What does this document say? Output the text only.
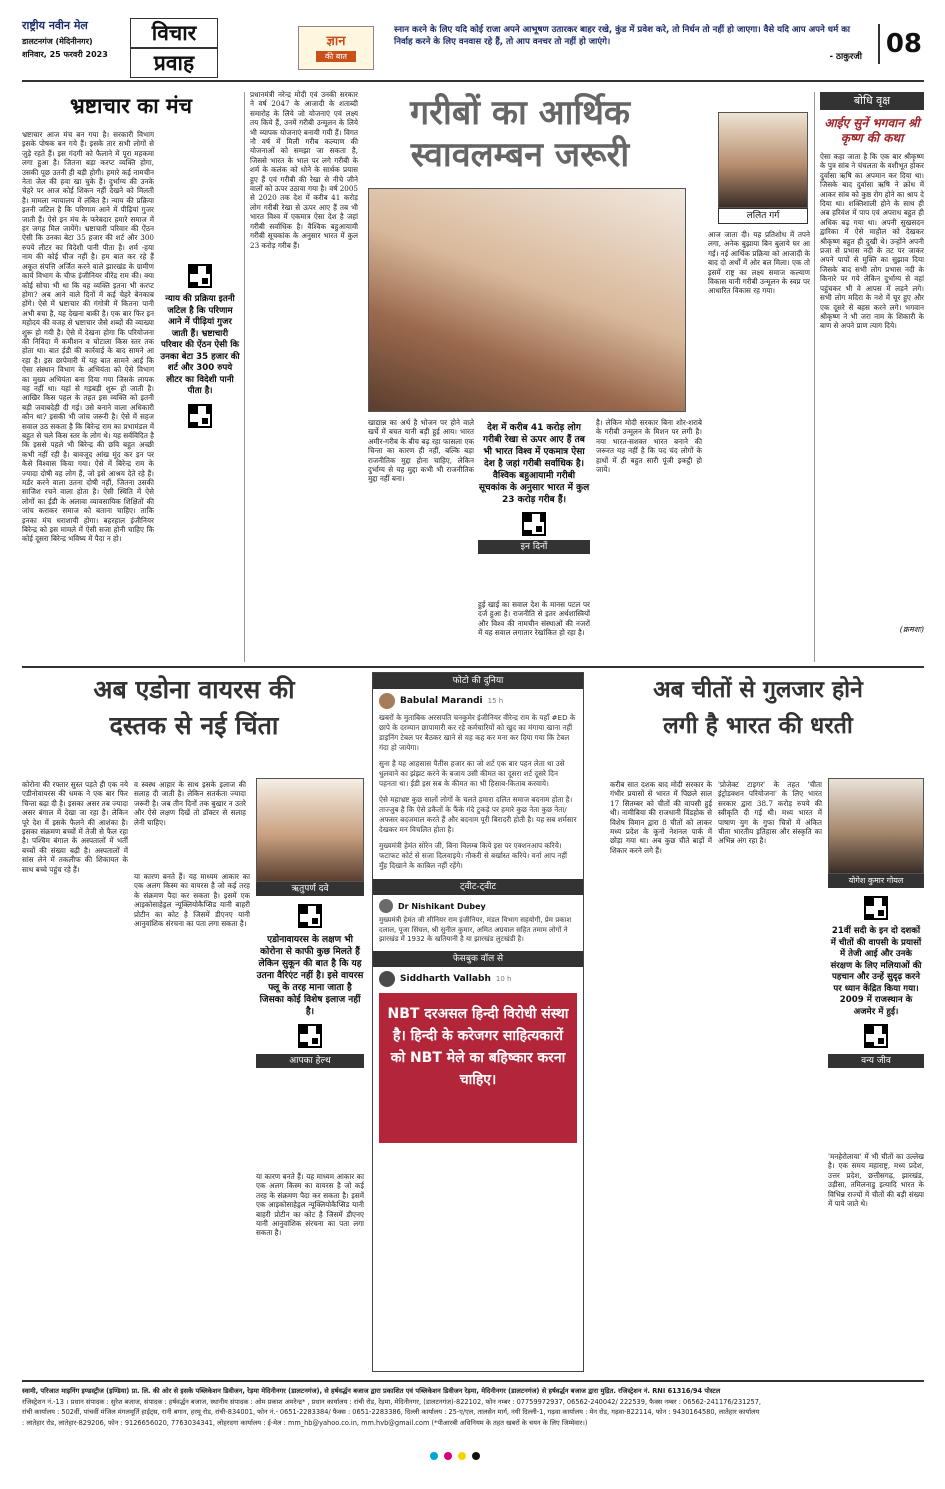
राष्ट्रीय नवीन मेल
डालटनगंज (मेदिनीनगर)
शनिवार, 25 फरवरी 2023
विचार
प्रवाह
ज्ञान
की बात
स्नान करने के लिए यदि कोई राजा अपने आभूषण उतारकर बाहर रखे, कुंड में प्रवेश करे, तो निर्धन तो नहीं हो जाएगा। वैसे यदि आप अपने धर्म का निर्वाह करने के लिए वनवास रहे हैं, तो आप वनचर तो नहीं हो जाएंगे।
- ठाकुरजी 08
भ्रष्टाचार का मंच
भ्रष्टाचार आज मंच बन गया है। सरकारी विभाग इसके पोषक बन गये हैं। इसके तार सभी लोगों से जुड़े रहते हैं। इस गंदगी को फैलाने में पूरा महकमा लगा हुआ है। जितना बड़ा करप्ट व्यक्ति होगा, उसकी पूछ उतनी ही बड़ी होगी। हमारे कई नामचीन नेता जेल की हवा खा चुके हैं। दुर्भाग्य की उनके चेहरे पर आज कोई शिकन नहीं देखने को मिलती है। मामला न्यायालय में लंबित है। न्याय की प्रक्रिया इतनी जटिल है कि परिणाम आने में पीढ़ियां गुजर जाती हैं। ऐसे इन मंच के फरेबदार हमारे समाज में हर जगह मिल जायेंगे। भ्रष्टाचारी परिवार की ऐंठन ऐसी कि उनका बेटा 35 हजार की शर्ट और 300 रुपये लीटर का विदेशी पानी पीता है। शर्म -हया नाम की कोई चीज नहीं है। हम बात कर रहे हैं अकूत संपत्ति अर्जित करने वाले झारखंड के ग्रामीण कार्य विभाग के चीफ इंजीनियर वीरेंद्र राम की। क्या कोई सोचा भी था कि वह व्यक्ति इतना भी करप्ट होगा? अब आने वाले दिनों में कई चेहरे बेनकाब होंगे। ऐसे में भ्रष्टाचार की गंगोत्री में कितना पानी अभी बचा है, यह देखना बाकी है। एक बार फिर इन महोदय की वजह से भ्रष्टाचार जैसे शब्दों की व्याख्या शुरू हो गयी है। ऐसे में देखना होगा कि परियोजना की निविदा में कमीशन व घोटाला किस स्तर तक होता था। बात ईडी की कार्रवाई के बाद सामने आ रहा है। इस छापेमारी में यह बात सामने आई कि ऐसा संस्थान विभाग के अभियंता को ऐसे विभाग का मुख्य अभियंता बना दिया गया जिसके लायक वह नहीं था। यहां से गड़बड़ी शुरू हो जाती है। आखिर किस पहल के तहत इस व्यक्ति को इतनी बड़ी जवाबदेही दी गई। उसे बनाने वाला अधिकारी कौन था? इसकी भी जांच जरूरी है। ऐसे में सहज सवाल उठ सकता है कि बिरेन्द्र राम का प्रभामंडल में बहुत से चले किस स्तर के लोग थे। यह सर्वविदित है कि इससे पहले भी बिरेन्द्र की छवि बहुत अच्छी कभी नहीं रही है। बावजूद आंख मूंद कर इन पर कैसे विश्वास किया गया। ऐसे में बिरेन्द्र राम के ज्यादा दोषी वह लोग हैं, जो इसे आश्रय देते रहे हैं। मर्डर करने वाला उतना दोषी नहीं, जितना उसकी साजिश रचने वाला होता है। ऐसी स्थिति में ऐसे लोगों का ईडी के अलावा व्यावसायिक शिक्षितों की जांच कराकर समाज को बताना चाहिए। ताकि इनका मंच धराशायी होगा। बहरहाल इंजीनियर बिरेन्द्र को इस मामले में ऐसी सजा होनी चाहिए कि कोई दूसरा बिरेन्द्र भविष्य में पैदा न हो।
न्याय की प्रक्रिया इतनी जटिल है कि परिणाम आने में पीढ़ियां गुजर जाती हैं। भ्रष्टाचारी परिवार की ऐंठन ऐसी कि उनका बेटा 35 हजार की शर्ट और 300 रुपये लीटर का विदेशी पानी पीता है।
प्रधानमंत्री नरेन्द्र मोदी एवं उनकी सरकार ने वर्ष 2047 के आजादी के शताब्दी समारोह के लिये जो योजनाएं एवं लक्ष्य तय किये हैं, उनमें गरीबी उन्मूलन के लिये भी व्यापक योजनाएं बनायी गयी हैं। विगत नौ वर्ष में मिली गरीब कल्याण की योजनाओं को समझा जा सकता है, जिससे भारत के भाल पर लगे गरीबी के शर्म के कलंक को धोने के सार्थक प्रयास हुए हैं एवं गरीबी की रेखा से नीचे जीने वालों को ऊपर उठाया गया है। वर्ष 2005 से 2020 तक देश में करीब 41 करोड़ लोग गरीबी रेखा से ऊपर आए हैं तब भी भारत विश्व में एकमात्र ऐसा देश है जहां गरीबी सर्वाधिक है। वैश्विक बहुआयामी गरीबी सूचकांक के अनुसार भारत में कुल 23 करोड़ गरीब हैं।
गरीबों का आर्थिक
स्वावलम्बन जरूरी
ललित गर्ग
खाद्यान्न का अर्थ है भोजन पर होने वाले खर्चे में बचत यानी बड़ी हुई आय। भारत अमीर-गरीब के बीच बढ़ रहा फासला एक चिन्ता का कारण ही नहीं, बल्कि बड़ा राजनीतिक मुद्दा होना चाहिए, लेकिन दुर्भाग्य से यह मुद्दा कभी भी राजनीतिक मुद्दा नहीं बना।
देश में करीब 41 करोड़ लोग गरीबी रेखा से ऊपर आए हैं तब भी भारत विश्व में एकमात्र ऐसा देश है जहां गरीबी सर्वाधिक है। वैश्विक बहुआयामी गरीबी सूचकांक के अनुसार भारत में कुल 23 करोड़ गरीब हैं।
इन दिनों
हुई खाई का सवाल देश के मानस पटल पर दर्ज हुआ है। राजनीति से इतर अर्थशास्त्रियों और विश्व की नामचीन संस्थाओं की नजरों में यह सवाल लगातार रेखांकित हो रहा है।
है। लेकिन मोदी सरकार बिना शोर-शराबे के गरीबी उन्मूलन के मिशन पर लगी है। नया भारत-सशक्त भारत बनाने की जरूरत यह नहीं है कि पद चंद लोगों के हाथों में ही बहुत सारी पूंजी इकट्ठी हो जाये।
आज जाता दी। यह प्रतिशोध में तपने लगा, अनेक बुझाया बिन बुलाये घर आ गई। नई आर्थिक प्रक्रिया को आजादी के बाद दो अर्थों में ओर बल मिला। एक तो इसमें राष्ट्र का लक्ष्य समाज कल्याण विकास यानी गरीबी उन्मूलन के स्वप्न पर आधारित विकास रह गया।
बोधि वृक्ष
आईए सुनें भगवान श्री कृष्ण की कथा
ऐसा कहा जाता है कि एक बार श्रीकृष्ण के पुत्र सांब ने चंचलता के वशीभूत होकर दुर्वासा ऋषि का अपमान कर दिया था। जिसके बाद दुर्वासा ऋषि ने क्रोध में आकर सांब को कुष्ठ रोग होने का श्राप दे दिया था। शक्तिशाली होने के साथ ही अब हरिवंश में पाप एवं अपराध बहुत ही अधिक बढ़ गया था। अपनी सुखसदन द्वारिका में ऐसे माहौल को देखकर श्रीकृष्ण बहुत ही दुखी थे। उन्होंने अपनी प्रजा से प्रभास नदी के तट पर जाकर अपने पापों से मुक्ति का सुझाव दिया जिसके बाद सभी लोग प्रभास नदी के किनारे पर गये लेकिन दुर्भाग्य से वहां पहुंचकर भी वे आपस में लड़ने लगे। सभी लोग मदिरा के नशे में चूर हुए और एक दूसरे से बहस करने लगे। भगवान श्रीकृष्ण ने भी जरा नाम के शिकारी के बाण से अपने प्राण त्याग दिये।
(क्रमशः)
अब एडोना वायरस की
दस्तक से नई चिंता
कोरोना की रफ्तार सुस्त पड़ते ही एक नये एडीनोवायरस की धमक ने एक बार फिर चिन्ता बढ़ा दी है। इसका असर तब ज्यादा असर बंगाल में देखा जा रहा है। लेकिन पूरे देश में इसके फैलने की आशंका है। इसका संक्रमण बच्चों में तेजी से फैल रहा है। पश्चिम बंगाल के अस्पतालों में भर्ती बच्चों की संख्या बढ़ी है। अस्पतालों में सांस लेने में तकलीफ की शिकायत के साथ बच्चे पहुंच रहे हैं।
व स्वस्थ आहार के साथ इसके इलाज की सलाह दी जाती है। लेकिन सतर्कता ज्यादा जरूरी है। जब तीन दिनों तक बुखार न उतरे और ऐसे लक्षण दिखें तो डॉक्टर से सलाह लेनी चाहिए।
ऋतुपर्ण दवे
एडोनावायरस के लक्षण भी कोरोना से काफी कुछ मिलते हैं लेकिन सुकून की बात है कि यह उतना वैरिएंट नहीं है। इसे वायरस फ्लू के तरह माना जाता है जिसका कोई विशेष इलाज नहीं है।
आपका हेल्थ
या कारण बनते हैं। यह माध्यम आकार का एक अलग किस्म का वायरस है जो कई तरह के संक्रमण पैदा कर सकता है। इसमें एक आइकोसाहेड्रल न्यूक्लियोकैप्सिड यानी बाहरी प्रोटीन का कोट है जिसमें डीएनए यानी आनुवांशिक संरचना का पता लगा सकता है।
या कारण बनते हैं। यह माध्यम आकार का एक अलग किस्म का वायरस है जो कई तरह के संक्रमण पैदा कर सकता है। इसमें एक आइकोसाहेड्रल न्यूक्लियोकैप्सिड यानी बाहरी प्रोटीन का कोट है जिसमें डीएनए यानी आनुवांशिक संरचना का पता लगा सकता है।
फोटो की दुनिया
Babulal Marandi 15 h
खबरों के मुताबिक अरसपति चनकुमेर इंजीनियर वीरेन्द्र राम के यहाँ #ED के छापे के दरम्यान छापामारी कर रहे कर्मचारियों को खुद का मंगाया खाना नहीं डाइनिंग टेबल पर बैठकर खाने से यह कह कर मना कर दिया गया कि टेबल गंदा हो जायेगा।
सुना है यह आहसास पैतीस हजार का जो शर्ट एक बार पहन लेता था उसे धुलवाने का झंझट करने के बजाय उसी कीमत का दूसरा शर्ट दूसरे दिन पहनता था। ईडी इस सब के कीमत का भी हिसाब-किताब करवाये।
ऐसे महाभ्रष्ट कुछ सालों लोगों के चलते हमारा दलित समाज बदनाम होता है। ताज्जुब है कि ऐसे डकैतों के फैंके गंदे टुकड़े पर हमारे कुछ नेता कुछ नेता/अफसर बदजमाल करते हैं और बदनाम पूरी बिरादरी होती है। यह सब शर्मसार देखकर मन विचलित होता है।
मुख्यमंत्री हेमंत सोरेन जी, बिना विलम्ब किये इस पर एक्शनआप करिये। फटाफट कोर्ट से सजा दिलवाइये। नौकरी से बर्खास्त करिये। वर्ना आप नहीं मुँह दिखाने के काबिल नहीं रहेंगे।
ट्वीट-ट्वीट
Dr Nishikant Dubey
मुख्यमंत्री हेमंत जी सीनियर राम इंजीनियर, मंडल विभाग सहयोगी, प्रेम प्रकाश दलाल, पूजा सिंघल, श्री सुनील कुमार, अमित अग्रवाल सहित तमाम लोगों ने झारखंड में 1932 के खतियानी है या झारखंड लुटखंडी है।
फेसबुक वॉल से
Siddharth Vallabh 10 h
NBT दरअसल हिन्दी विरोधी संस्था है। हिन्दी के करेजगर साहित्यकारों को NBT मेले का बहिष्कार करना चाहिए।
अब चीतों से गुलजार होने
लगी है भारत की धरती
करीब सात दशक बाद मोदी सरकार के गंभीर प्रयासों से भारत में पिछले साल 17 सितम्बर को चीतों की वापसी हुई थी। नामीबिया की राजधानी विंडहोक से विशेष विमान द्वारा 8 चीतों को लाकर मध्य प्रदेश के कूनो नेशनल पार्क में छोड़ा गया था। अब कुछ चीते बाड़ों में शिकार करने लगे हैं।
'प्रोजेक्ट टाइगर' के तहत 'चीता इंट्रोडक्शन परियोजना' के लिए भारत सरकार द्वारा 38.7 करोड़ रुपये की स्वीकृति दी गई थी। मध्य भारत में पाषाण युग के गुफा चित्रों में अंकित चीता भारतीय इतिहास और संस्कृति का अभिन्न अंग रहा है।
योगेश कुमार गोयल
21वीं सदी के इन दो दशकों में चीतों की वापसी के प्रयासों में तेजी आई और उनके संरक्षण के लिए मलियाओं की पहचान और उन्हें सुदृढ़ करने पर ध्यान केंद्रित किया गया। 2009 में राजस्थान के अजमेर में हुई।
वन्य जीव
'मनहेरोलाया' में भी चीतों का उल्लेख है। एक समय महाराष्ट्र, मध्य प्रदेश, उत्तर प्रदेश, छत्तीसगढ़, झारखंड, उड़ीसा, तमिलनाडु इत्यादि भारत के विभिन्न राज्यों में चीतों की बड़ी संख्या में पाये जाते थे।
स्वामी, परिजात माइनिंग इण्डस्ट्रीज (इण्डिया) प्रा. लि. की ओर से इसके पब्लिकेशन डिवीजन, रेड़मा मेदिनीनगर (डालटनगंज), से हर्षवर्द्धन बजाज द्वारा प्रकाशित एवं पब्लिकेशन डिवीजन रेड़मा, मेदिनीनगर (डालटनगंज) से हर्षवर्द्धन बजाज द्वारा मुद्रित. रजिस्ट्रेशन नं. RNI 61316/94 पोस्टल
रजिस्ट्रेशन नं.-13 । प्रधान संपादक : सुरेश बजाज, संपादक : हर्षवर्द्धन बजाज, स्थानीय संपादक : ओम प्रकाश अमरेन्द्र* , प्रधान कार्यालय : रांची रोड, रेड़मा, मेदिनीनगर, (डालटनगंज)-822102, फोन नम्बर : 07759972937, 06562-240042/ 222539, फैक्स नम्बर : 06562-241176/231257,
रांची कार्यालय : 502वीं, पांचवीं मंजिल मंगलमूर्ति हाईट्स, रानी बगान, हरमू रोड, रांची-834001, फोन नं.- 0651-2283384/ फैक्स : 0651-2283386, दिल्ली कार्यालय : 25-ए/एल, तालसेन मार्ग, नयी दिल्ली-1, गढ़वा कार्यालय : मेन रोड, गढ़वा-822114, फोन : 9430164580, लातेहार कार्यालय
: लातेहार रोड, लातेहार-829206, फोन : 9126656020, 7763034341, लोहरदगा कार्यालय : ई-मेल : mm_hb@yahoo.co.in, mm.hvb@gmail.com (*पीआरबी अधिनियम के तहत खबरों के चयन के लिए जिम्मेवार।)
